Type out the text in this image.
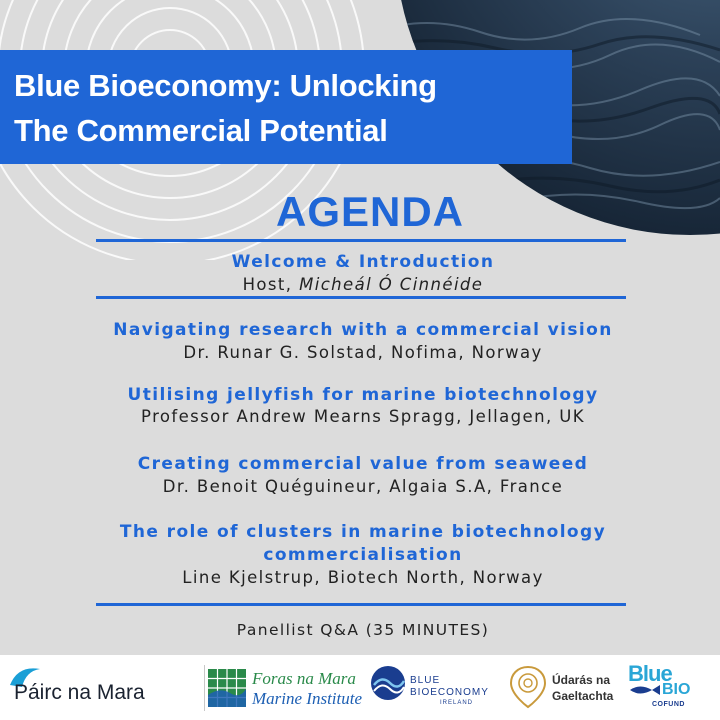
Blue Bioeconomy: Unlocking
The Commercial Potential
AGENDA
Welcome & Introduction
Host, Micheál Ó Cinnéide
Navigating research with a commercial vision
Dr. Runar G. Solstad, Nofima, Norway
Utilising jellyfish for marine biotechnology
Professor Andrew Mearns Spragg, Jellagen, UK
Creating commercial value from seaweed
Dr. Benoit Quéguineur, Algaia S.A, France
The role of clusters in marine biotechnology
commercialisation
Line Kjelstrup, Biotech North, Norway
Panellist Q&A (35 MINUTES)
Páirc na Mara
Foras na Mara
Marine Institute
BLUE
BIOECONOMY
IRELAND
Údarás na
Gaeltachta
Blue
BIO
COFUND
